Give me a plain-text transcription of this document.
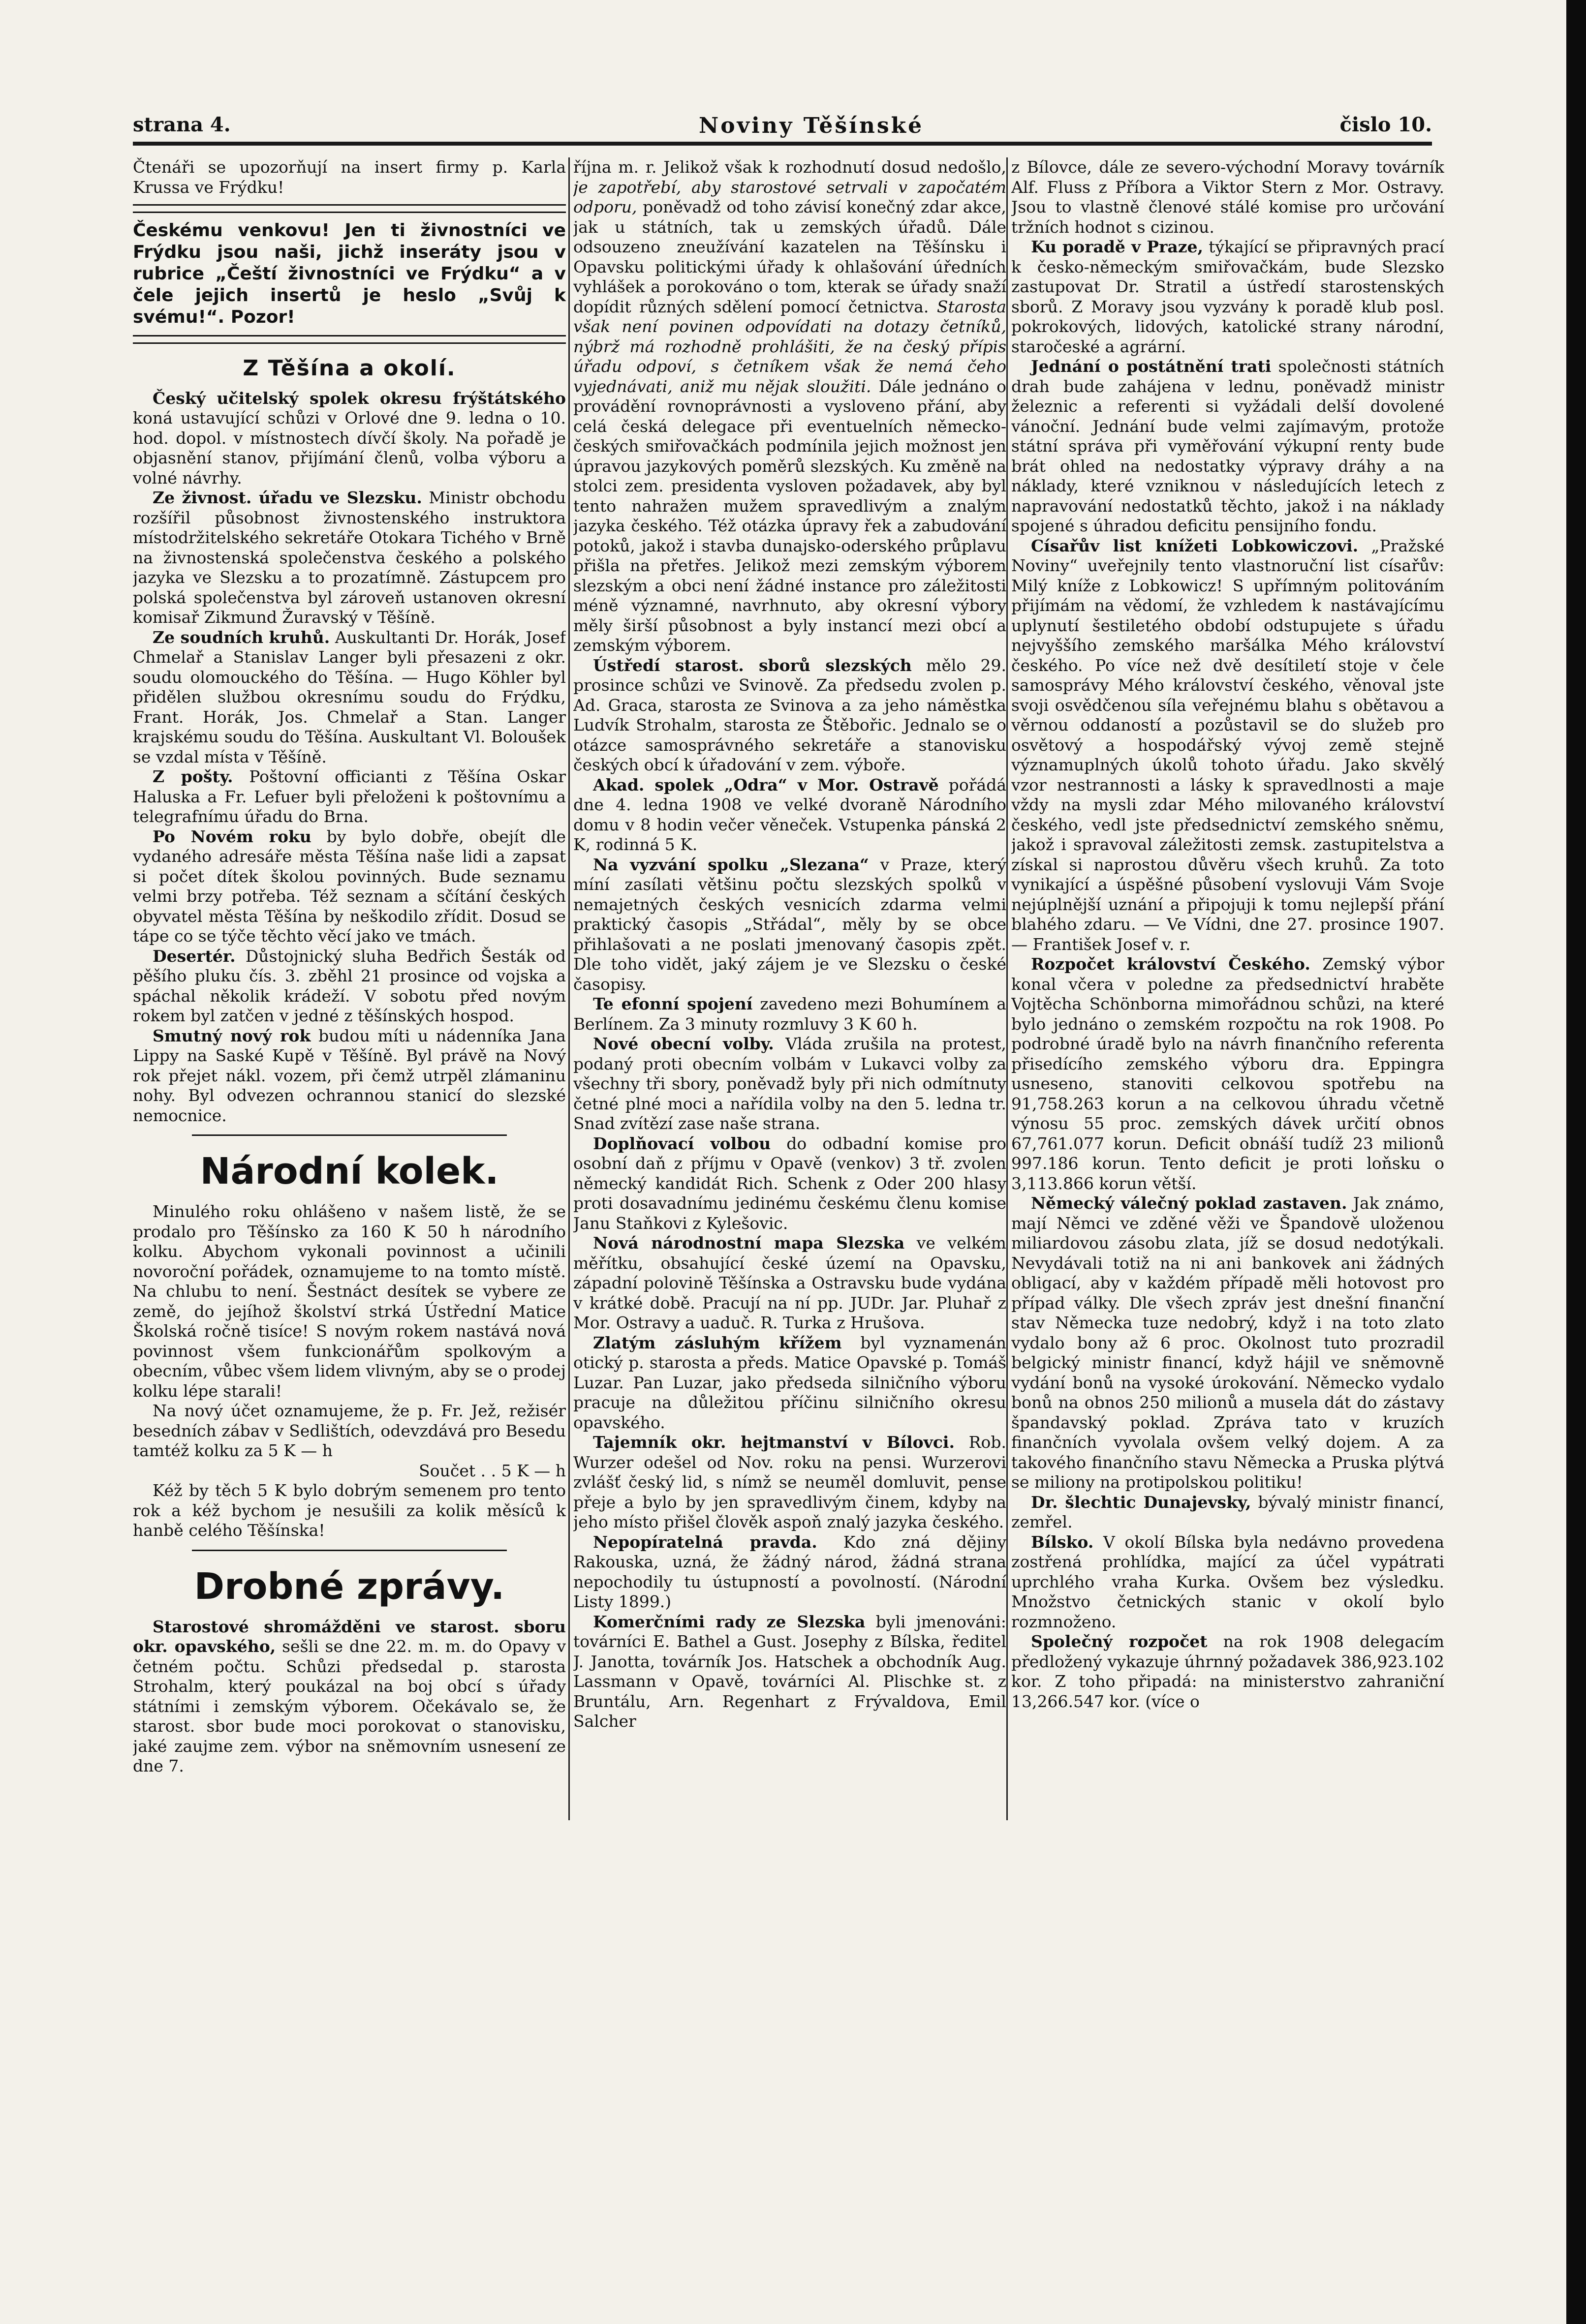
strana 4.	Noviny Těšínské	čislo 10.

Čtenáři se upozorňují na insert firmy p. Karla Krussa ve Frýdku!

Českému venkovu! Jen ti živnostníci ve Frýdku jsou naši, jichž inseráty jsou v rubrice „Čeští živnostníci ve Frýdku“ a v čele jejich insertů je heslo „Svůj k svému!“. Pozor!

Z Těšína a okolí.

Český učitelský spolek okresu frýštátského koná ustavující schůzi v Orlové dne 9. ledna o 10. hod. dopol. v místnostech dívčí školy. Na pořadě je objasnění stanov, přijímání členů, volba výboru a volné návrhy.

Ze živnost. úřadu ve Slezsku. Ministr obchodu rozšířil působnost živnostenského instruktora místodržitelského sekretáře Otokara Tichého v Brně na živnostenská společenstva českého a polského jazyka ve Slezsku a to prozatímně. Zástupcem pro polská společenstva byl zároveň ustanoven okresní komisař Zikmund Žuravský v Těšíně.

Ze soudních kruhů. Auskultanti Dr. Horák, Josef Chmelař a Stanislav Langer byli přesazeni z okr. soudu olomouckého do Těšína. — Hugo Köhler byl přidělen službou okresnímu soudu do Frýdku, Frant. Horák, Jos. Chmelař a Stan. Langer krajskému soudu do Těšína. Auskultant Vl. Boloušek se vzdal místa v Těšíně.

Z pošty. Poštovní officianti z Těšína Oskar Haluska a Fr. Lefuer byli přeloženi k poštovnímu a telegrafnímu úřadu do Brna.

Po Novém roku by bylo dobře, obejít dle vydaného adresáře města Těšína naše lidi a zapsat si počet dítek školou povinných. Bude seznamu velmi brzy potřeba. Též seznam a sčítání českých obyvatel města Těšína by neškodilo zřídit. Dosud se tápe co se týče těchto věcí jako ve tmách.

Desertér. Důstojnický sluha Bedřich Šesták od pěšího pluku čís. 3. zběhl 21 prosince od vojska a spáchal několik krádeží. V sobotu před novým rokem byl zatčen v jedné z těšínských hospod.

Smutný nový rok budou míti u nádenníka Jana Lippy na Saské Kupě v Těšíně. Byl právě na Nový rok přejet nákl. vozem, při čemž utrpěl zlámaninu nohy. Byl odvezen ochrannou stanicí do slezské nemocnice.

Národní kolek.

Minulého roku ohlášeno v našem listě, že se prodalo pro Těšínsko za 160 K 50 h národního kolku. Abychom vykonali povinnost a učinili novoroční pořádek, oznamujeme to na tomto místě. Na chlubu to není. Šestnáct desítek se vybere ze země, do jejíhož školství strká Ústřední Matice Školská ročně tisíce! S novým rokem nastává nová povinnost všem funkcionářům spolkovým a obecním, vůbec všem lidem vlivným, aby se o prodej kolku lépe starali!

Na nový účet oznamujeme, že p. Fr. Jež, režisér besedních zábav v Sedlištích, odevzdává pro Besedu tamtéž kolku za 5 K — h

Součet . . 5 K — h

Kéž by těch 5 K bylo dobrým semenem pro tento rok a kéž bychom je nesušili za kolik měsíců k hanbě celého Těšínska!

Drobné zprávy.

Starostové shromážděni ve starost. sboru okr. opavského, sešli se dne 22. m. m. do Opavy v četném počtu. Schůzi předsedal p. starosta Strohalm, který poukázal na boj obcí s úřady státními i zemským výborem. Očekávalo se, že starost. sbor bude moci porokovat o stanovisku, jaké zaujme zem. výbor na sněmovním usnesení ze dne 7.

října m. r. Jelikož však k rozhodnutí dosud nedošlo, je zapotřebí, aby starostové setrvali v započatém odporu, poněvadž od toho závisí konečný zdar akce, jak u státních, tak u zemských úřadů. Dále odsouzeno zneužívání kazatelen na Těšínsku i Opavsku politickými úřady k ohlašování úředních vyhlášek a porokováno o tom, kterak se úřady snaží dopídit různých sdělení pomocí četnictva. Starosta však není povinen odpovídati na dotazy četníků, nýbrž má rozhodně prohlášiti, že na český přípis úřadu odpoví, s četníkem však že nemá čeho vyjednávati, aniž mu nějak sloužiti. Dále jednáno o provádění rovnoprávnosti a vysloveno přání, aby celá česká delegace při eventuelních německo-českých smiřovačkách podmínila jejich možnost jen úpravou jazykových poměrů slezských. Ku změně na stolci zem. presidenta vysloven požadavek, aby byl tento nahražen mužem spravedlivým a znalým jazyka českého. Též otázka úpravy řek a zabudování potoků, jakož i stavba dunajsko-oderského průplavu přišla na přetřes. Jelikož mezi zemským výborem slezským a obci není žádné instance pro záležitosti méně významné, navrhnuto, aby okresní výbory měly širší působnost a byly instancí mezi obcí a zemským výborem.

Ústředí starost. sborů slezských mělo 29. prosince schůzi ve Svinově. Za předsedu zvolen p. Ad. Graca, starosta ze Svinova a za jeho náměstka Ludvík Strohalm, starosta ze Štěbořic. Jednalo se o otázce samosprávného sekretáře a stanovisku českých obcí k úřadování v zem. výboře.

Akad. spolek „Odra“ v Mor. Ostravě pořádá dne 4. ledna 1908 ve velké dvoraně Národního domu v 8 hodin večer věneček. Vstupenka pánská 2 K, rodinná 5 K.

Na vyzvání spolku „Slezana“ v Praze, který míní zasílati většinu počtu slezských spolků v nemajetných českých vesnicích zdarma velmi praktický časopis „Střádal“, měly by se obce přihlašovati a ne poslati jmenovaný časopis zpět. Dle toho vidět, jaký zájem je ve Slezsku o české časopisy.

Te efonní spojení zavedeno mezi Bohumínem a Berlínem. Za 3 minuty rozmluvy 3 K 60 h.

Nové obecní volby. Vláda zrušila na protest, podaný proti obecním volbám v Lukavci volby za všechny tři sbory, poněvadž byly při nich odmítnuty četné plné moci a nařídila volby na den 5. ledna tr. Snad zvítězí zase naše strana.

Doplňovací volbou do odbadní komise pro osobní daň z příjmu v Opavě (venkov) 3 tř. zvolen německý kandidát Rich. Schenk z Oder 200 hlasy proti dosavadnímu jedinému českému členu komise Janu Staňkovi z Kylešovic.

Nová národnostní mapa Slezska ve velkém měřítku, obsahující české území na Opavsku, západní polovině Těšínska a Ostravsku bude vydána v krátké době. Pracují na ní pp. JUDr. Jar. Pluhař z Mor. Ostravy a uaduč. R. Turka z Hrušova.

Zlatým zásluhým křížem byl vyznamenán otický p. starosta a předs. Matice Opavské p. Tomáš Luzar. Pan Luzar, jako předseda silničního výboru pracuje na důležitou příčinu silničního okresu opavského.

Tajemník okr. hejtmanství v Bílovci. Rob. Wurzer odešel od Nov. roku na pensi. Wurzerovi zvlášť český lid, s nímž se neuměl domluvit, pense přeje a bylo by jen spravedlivým činem, kdyby na jeho místo přišel člověk aspoň znalý jazyka českého.

Nepopíratelná pravda. Kdo zná dějiny Rakouska, uzná, že žádný národ, žádná strana nepochodily tu ústupností a povolností. (Národní Listy 1899.)

Komerčními rady ze Slezska byli jmenováni: továrníci E. Bathel a Gust. Josephy z Bílska, ředitel J. Janotta, továrník Jos. Hatschek a obchodník Aug. Lassmann v Opavě, továrníci Al. Plischke st. z Bruntálu, Arn. Regenhart z Frývaldova, Emil Salcher

z Bílovce, dále ze severo-východní Moravy továrník Alf. Fluss z Příbora a Viktor Stern z Mor. Ostravy. Jsou to vlastně členové stálé komise pro určování tržních hodnot s cizinou.

Ku poradě v Praze, týkající se připravných prací k česko-německým smiřovačkám, bude Slezsko zastupovat Dr. Stratil a ústředí starostenských sborů. Z Moravy jsou vyzvány k poradě klub posl. pokrokových, lidových, katolické strany národní, staročeské a agrární.

Jednání o postátnění trati společnosti státních drah bude zahájena v lednu, poněvadž ministr železnic a referenti si vyžádali delší dovolené vánoční. Jednání bude velmi zajímavým, protože státní správa při vyměřování výkupní renty bude brát ohled na nedostatky výpravy dráhy a na náklady, které vzniknou v následujících letech z napravování nedostatků těchto, jakož i na náklady spojené s úhradou deficitu pensijního fondu.

Císařův list knížeti Lobkowiczovi. „Pražské Noviny“ uveřejnily tento vlastnoruční list císařův: Milý kníže z Lobkowicz! S upřímným politováním přijímám na vědomí, že vzhledem k nastávajícímu uplynutí šestiletého období odstupujete s úřadu nejvyššího zemského maršálka Mého království českého. Po více než dvě desítiletí stoje v čele samosprávy Mého království českého, věnoval jste svoji osvědčenou síla veřejnému blahu s obětavou a věrnou oddaností a pozůstavil se do služeb pro osvětový a hospodářský vývoj země stejně významuplných úkolů tohoto úřadu. Jako skvělý vzor nestrannosti a lásky k spravedlnosti a maje vždy na mysli zdar Mého milovaného království českého, vedl jste předsednictví zemského sněmu, jakož i spravoval záležitosti zemsk. zastupitelstva a získal si naprostou důvěru všech kruhů. Za toto vynikající a úspěšné působení vyslovuji Vám Svoje nejúplnější uznání a připojuji k tomu nejlepší přání blahého zdaru. — Ve Vídni, dne 27. prosince 1907. — František Josef v. r.

Rozpočet království Českého. Zemský výbor konal včera v poledne za předsednictví hraběte Vojtěcha Schönborna mimořádnou schůzi, na které bylo jednáno o zemském rozpočtu na rok 1908. Po podrobné úradě bylo na návrh finančního referenta přisedícího zemského výboru dra. Eppingra usneseno, stanoviti celkovou spotřebu na 91,758.263 korun a na celkovou úhradu včetně výnosu 55 proc. zemských dávek určití obnos 67,761.077 korun. Deficit obnáší tudíž 23 milionů 997.186 korun. Tento deficit je proti loňsku o 3,113.866 korun větší.

Německý válečný poklad zastaven. Jak známo, mají Němci ve zděné věži ve Špandově uloženou miliardovou zásobu zlata, jíž se dosud nedotýkali. Nevydávali totiž na ni ani bankovek ani žádných obligací, aby v každém případě měli hotovost pro případ války. Dle všech zpráv jest dnešní finanční stav Německa tuze nedobrý, když i na toto zlato vydalo bony až 6 proc. Okolnost tuto prozradil belgický ministr financí, když hájil ve sněmovně vydání bonů na vysoké úrokování. Německo vydalo bonů na obnos 250 milionů a musela dát do zástavy špandavský poklad. Zpráva tato v kruzích finančních vyvolala ovšem velký dojem. A za takového finančního stavu Německa a Pruska plýtvá se miliony na protipolskou politiku!

Dr. šlechtic Dunajevsky, bývalý ministr financí, zemřel.

Bílsko. V okolí Bílska byla nedávno provedena zostřená prohlídka, mající za účel vypátrati uprchlého vraha Kurka. Ovšem bez výsledku. Množstvo četnických stanic v okolí bylo rozmnoženo.

Společný rozpočet na rok 1908 delegacím předložený vykazuje úhrnný požadavek 386,923.102 kor. Z toho připadá: na ministerstvo zahraniční 13,266.547 kor. (více o
